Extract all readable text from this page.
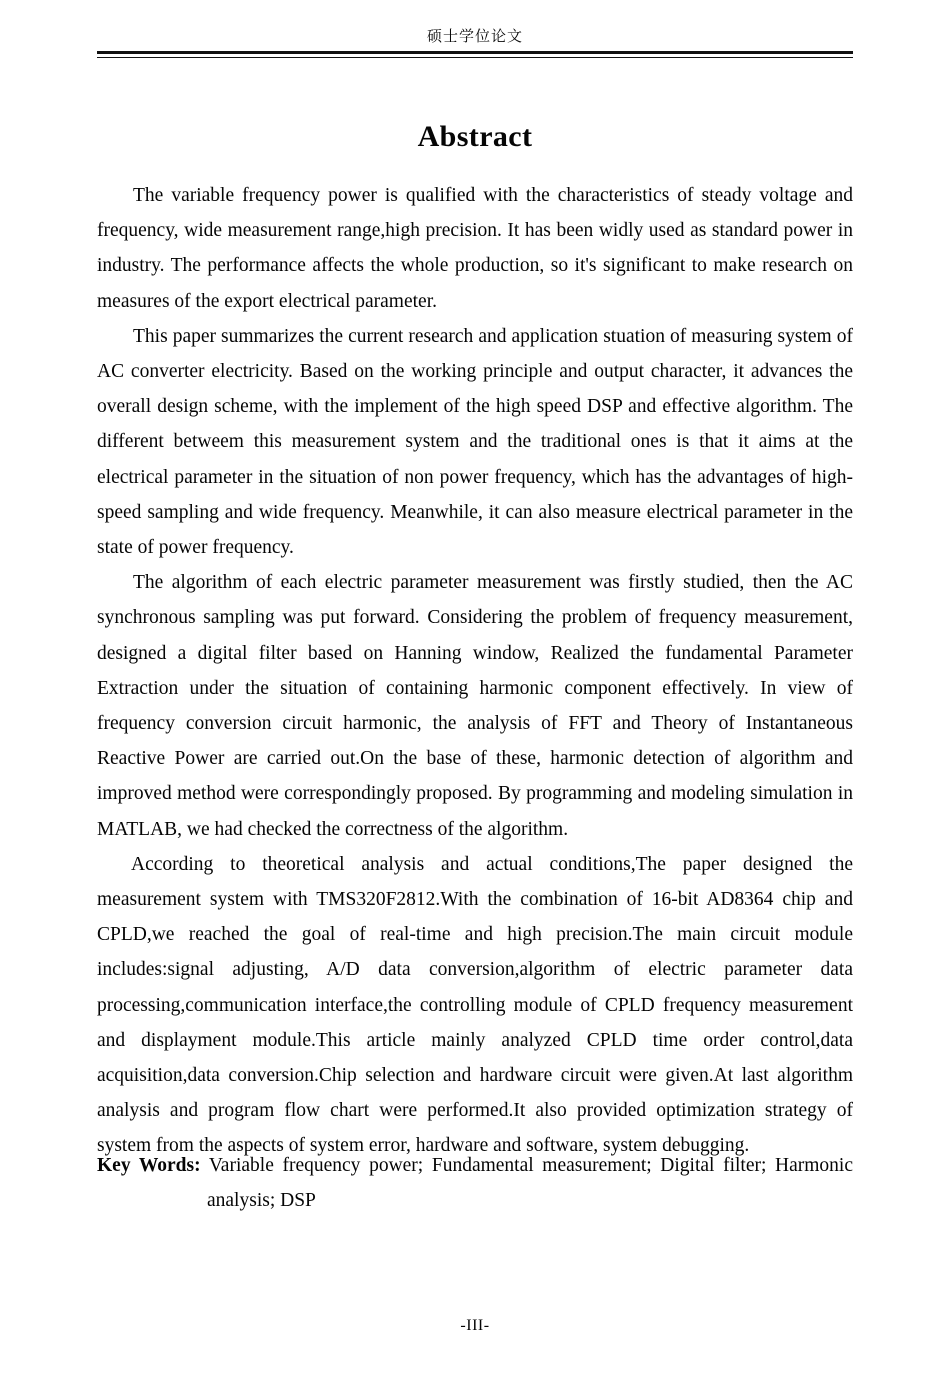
硕士学位论文
Abstract

The variable frequency power is qualified with the characteristics of steady voltage and frequency, wide measurement range,high precision. It has been widly used as standard power in industry. The performance affects the whole production, so it's significant to make research on measures of the export electrical parameter.

This paper summarizes the current research and application stuation of measuring system of AC converter electricity. Based on the working principle and output character, it advances the overall design scheme, with the implement of the high speed DSP and effective algorithm. The different betweem this measurement system and the traditional ones is that it aims at the electrical parameter in the situation of non power frequency, which has the advantages of high-speed sampling and wide frequency. Meanwhile, it can also measure electrical parameter in the state of power frequency.

The algorithm of each electric parameter measurement was firstly studied, then the AC synchronous sampling was put forward. Considering the problem of frequency measurement, designed a digital filter based on Hanning window, Realized the fundamental Parameter Extraction under the situation of containing harmonic component effectively. In view of frequency conversion circuit harmonic, the analysis of FFT and Theory of Instantaneous Reactive Power are carried out.On the base of these, harmonic detection of algorithm and improved method were correspondingly proposed. By programming and modeling simulation in MATLAB, we had checked the correctness of the algorithm.

According to theoretical analysis and actual conditions,The paper designed the measurement system with TMS320F2812.With the combination of 16-bit AD8364 chip and CPLD,we reached the goal of real-time and high precision.The main circuit module includes:signal adjusting, A/D data conversion,algorithm of electric parameter data processing,communication interface,the controlling module of CPLD frequency measurement and displayment module.This article mainly analyzed CPLD time order control,data acquisition,data conversion.Chip selection and hardware circuit were given.At last algorithm analysis and program flow chart were performed.It also provided optimization strategy of system from the aspects of system error, hardware and software, system debugging.

Key Words: Variable frequency power; Fundamental measurement; Digital filter; Harmonic analysis; DSP

-III-
